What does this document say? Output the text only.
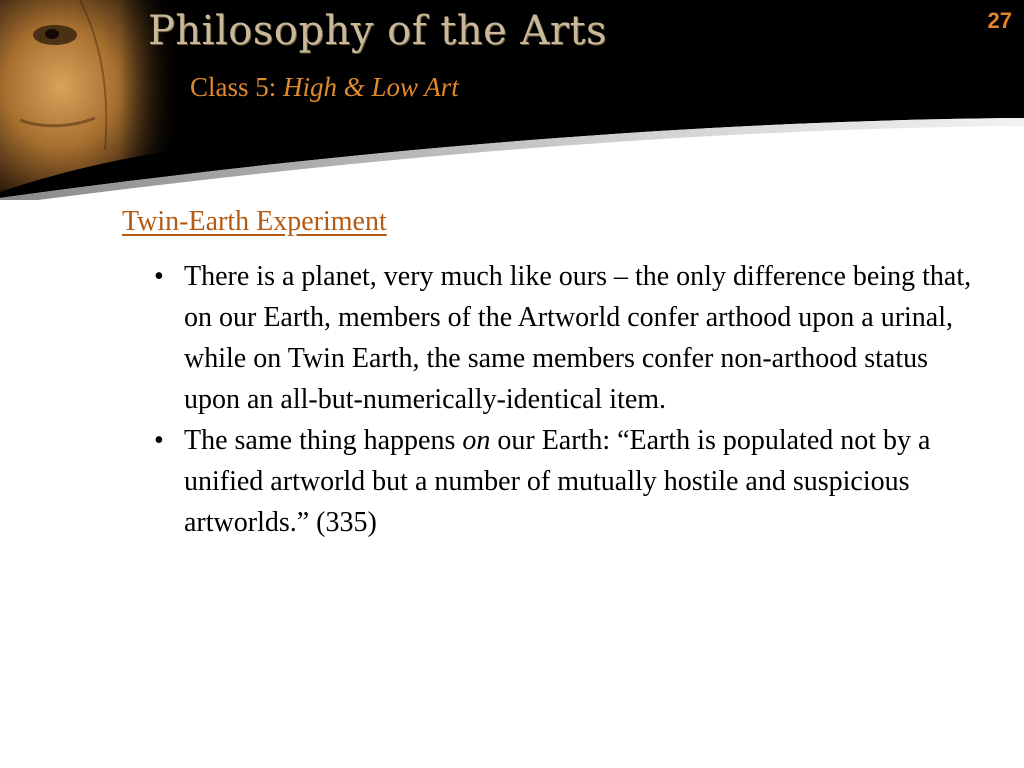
Philosophy of the Arts
Class 5: High & Low Art
27
Twin-Earth Experiment
• There is a planet, very much like ours – the only difference being that, on our Earth, members of the Artworld confer arthood upon a urinal, while on Twin Earth, the same members confer non-arthood status upon an all-but-numerically-identical item.
• The same thing happens on our Earth: “Earth is populated not by a unified artworld but a number of mutually hostile and suspicious artworlds.” (335)
